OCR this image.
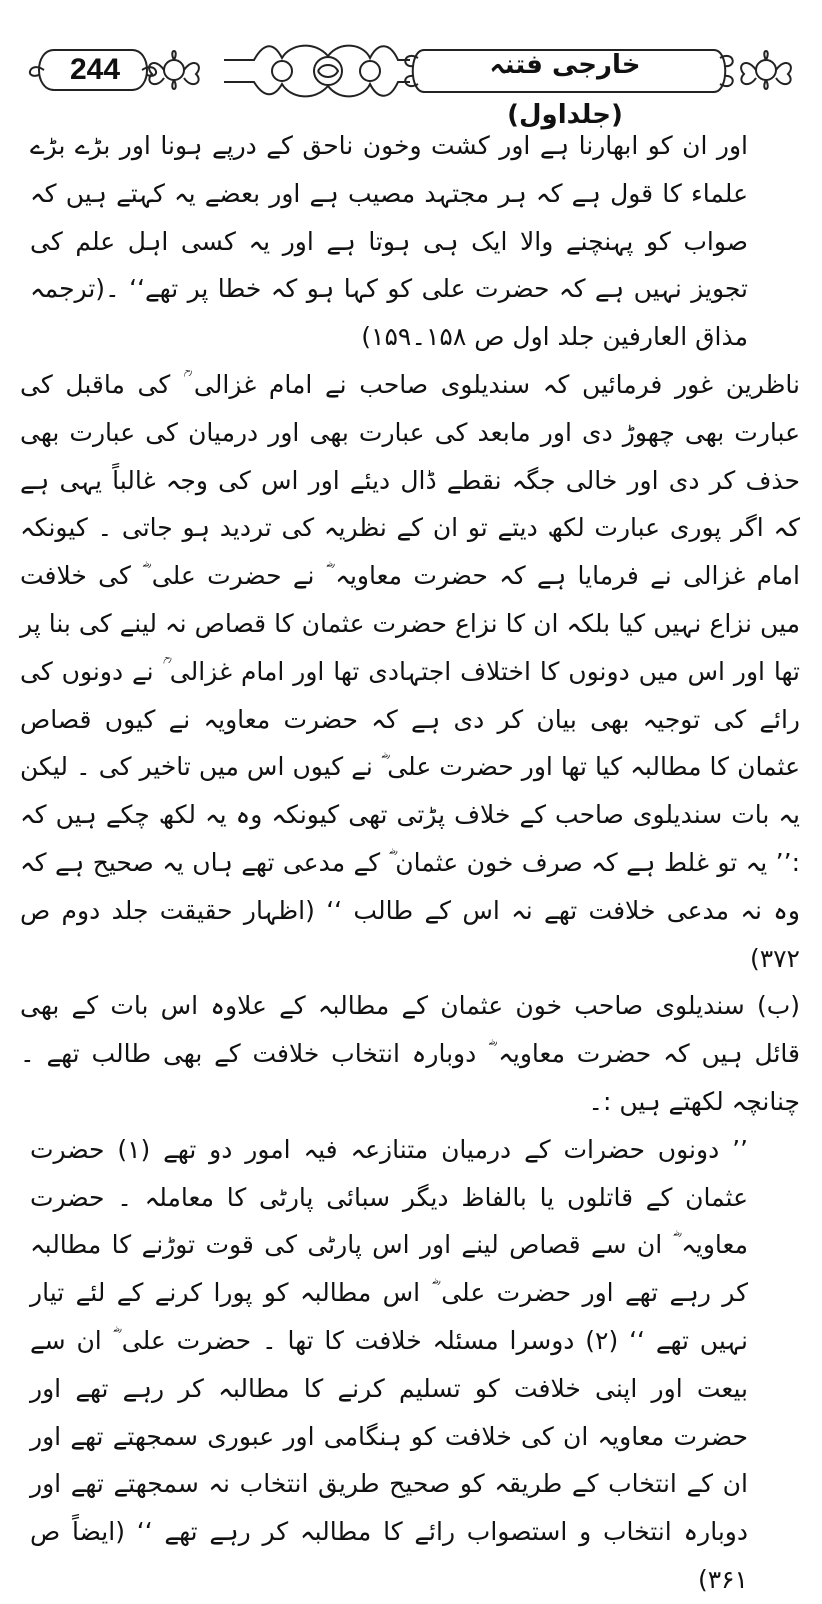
244	خارجی فتنہ (جلداول)

اور ان کو ابھارنا ہے اور کشت وخون ناحق کے درپے ہونا اور بڑے بڑے علماء کا قول ہے کہ ہر مجتہد مصیب ہے اور بعضے یہ کہتے ہیں کہ صواب کو پہنچنے والا ایک ہی ہوتا ہے اور یہ کسی اہل علم کی تجویز نہیں ہے کہ حضرت علی کو کہا ہو کہ خطا پر تھے‘‘ ۔(ترجمہ مذاق العارفین جلد اول ص ۱۵۸۔۱۵۹)

ناظرین غور فرمائیں کہ سندیلوی صاحب نے امام غزالی ؒ کی ماقبل کی عبارت بھی چھوڑ دی اور مابعد کی عبارت بھی اور درمیان کی عبارت بھی حذف کر دی اور خالی جگہ نقطے ڈال دیئے اور اس کی وجہ غالباً یہی ہے کہ اگر پوری عبارت لکھ دیتے تو ان کے نظریہ کی تردید ہو جاتی ۔ کیونکہ امام غزالی نے فرمایا ہے کہ حضرت معاویہ ؓ نے حضرت علی ؓ کی خلافت میں نزاع نہیں کیا بلکہ ان کا نزاع حضرت عثمان کا قصاص نہ لینے کی بنا پر تھا اور اس میں دونوں کا اختلاف اجتہادی تھا اور امام غزالی ؒ نے دونوں کی رائے کی توجیہ بھی بیان کر دی ہے کہ حضرت معاویہ نے کیوں قصاص عثمان کا مطالبہ کیا تھا اور حضرت علی ؓ نے کیوں اس میں تاخیر کی ۔ لیکن یہ بات سندیلوی صاحب کے خلاف پڑتی تھی کیونکہ وہ یہ لکھ چکے ہیں کہ :’’ یہ تو غلط ہے کہ صرف خون عثمان ؓ کے مدعی تھے ہاں یہ صحیح ہے کہ وہ نہ مدعی خلافت تھے نہ اس کے طالب ‘‘ (اظہار حقیقت جلد دوم ص ۳۷۲)

(ب) سندیلوی صاحب خون عثمان کے مطالبہ کے علاوہ اس بات کے بھی قائل ہیں کہ حضرت معاویہ ؓ دوبارہ انتخاب خلافت کے بھی طالب تھے ۔ چنانچہ لکھتے ہیں :۔

’’ دونوں حضرات کے درمیان متنازعہ فیہ امور دو تھے (۱) حضرت عثمان کے قاتلوں یا بالفاظ دیگر سبائی پارٹی کا معاملہ ۔ حضرت معاویہ ؓ ان سے قصاص لینے اور اس پارٹی کی قوت توڑنے کا مطالبہ کر رہے تھے اور حضرت علی ؓ اس مطالبہ کو پورا کرنے کے لئے تیار نہیں تھے ‘‘ (۲) دوسرا مسئلہ خلافت کا تھا ۔ حضرت علی ؓ ان سے بیعت اور اپنی خلافت کو تسلیم کرنے کا مطالبہ کر رہے تھے اور حضرت معاویہ ان کی خلافت کو ہنگامی اور عبوری سمجھتے تھے اور ان کے انتخاب کے طریقہ کو صحیح طریق انتخاب نہ سمجھتے تھے اور دوبارہ انتخاب و استصواب رائے کا مطالبہ کر رہے تھے ‘‘ (ایضاً ص ۳۶۱)
